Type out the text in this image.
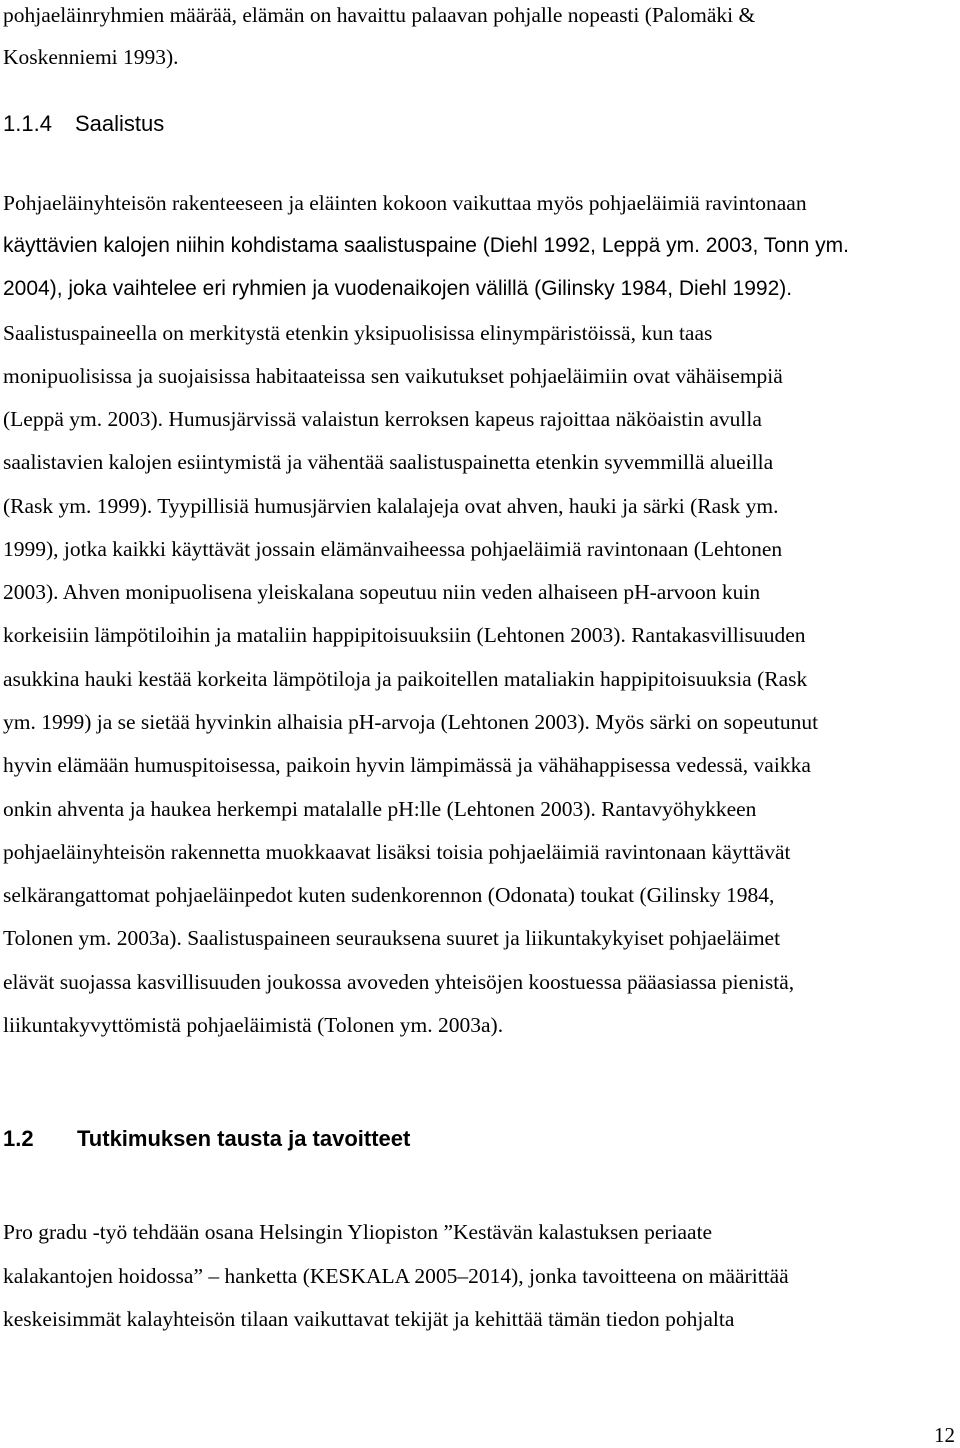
pohjaeläinryhmien määrää, elämän on havaittu palaavan pohjalle nopeasti (Palomäki &
Koskenniemi 1993).
1.1.4 Saalistus
Pohjaeläinyhteisön rakenteeseen ja eläinten kokoon vaikuttaa myös pohjaeläimiä ravintonaan
käyttävien kalojen niihin kohdistama saalistuspaine (Diehl 1992, Leppä ym. 2003, Tonn ym.
2004), joka vaihtelee eri ryhmien ja vuodenaikojen välillä (Gilinsky 1984, Diehl 1992).
Saalistuspaineella on merkitystä etenkin yksipuolisissa elinympäristöissä, kun taas
monipuolisissa ja suojaisissa habitaateissa sen vaikutukset pohjaeläimiin ovat vähäisempiä
(Leppä ym. 2003). Humusjärvissä valaistun kerroksen kapeus rajoittaa näköaistin avulla
saalistavien kalojen esiintymistä ja vähentää saalistuspainetta etenkin syvemmillä alueilla
(Rask ym. 1999). Tyypillisiä humusjärvien kalalajeja ovat ahven, hauki ja särki (Rask ym.
1999), jotka kaikki käyttävät jossain elämänvaiheessa pohjaeläimiä ravintonaan (Lehtonen
2003). Ahven monipuolisena yleiskalana sopeutuu niin veden alhaiseen pH-arvoon kuin
korkeisiin lämpötiloihin ja mataliin happipitoisuuksiin (Lehtonen 2003). Rantakasvillisuuden
asukkina hauki kestää korkeita lämpötiloja ja paikoitellen mataliakin happipitoisuuksia (Rask
ym. 1999) ja se sietää hyvinkin alhaisia pH-arvoja (Lehtonen 2003). Myös särki on sopeutunut
hyvin elämään humuspitoisessa, paikoin hyvin lämpimässä ja vähähappisessa vedessä, vaikka
onkin ahventa ja haukea herkempi matalalle pH:lle (Lehtonen 2003). Rantavyöhykkeen
pohjaeläinyhteisön rakennetta muokkaavat lisäksi toisia pohjaeläimiä ravintonaan käyttävät
selkärangattomat pohjaeläinpedot kuten sudenkorennon (Odonata) toukat (Gilinsky 1984,
Tolonen ym. 2003a). Saalistuspaineen seurauksena suuret ja liikuntakykyiset pohjaeläimet
elävät suojassa kasvillisuuden joukossa avoveden yhteisöjen koostuessa pääasiassa pienistä,
liikuntakyvyttömistä pohjaeläimistä (Tolonen ym. 2003a).
1.2 Tutkimuksen tausta ja tavoitteet
Pro gradu -työ tehdään osana Helsingin Yliopiston ”Kestävän kalastuksen periaate
kalakantojen hoidossa” – hanketta (KESKALA 2005–2014), jonka tavoitteena on määrittää
keskeisimmät kalayhteisön tilaan vaikuttavat tekijät ja kehittää tämän tiedon pohjalta
12
